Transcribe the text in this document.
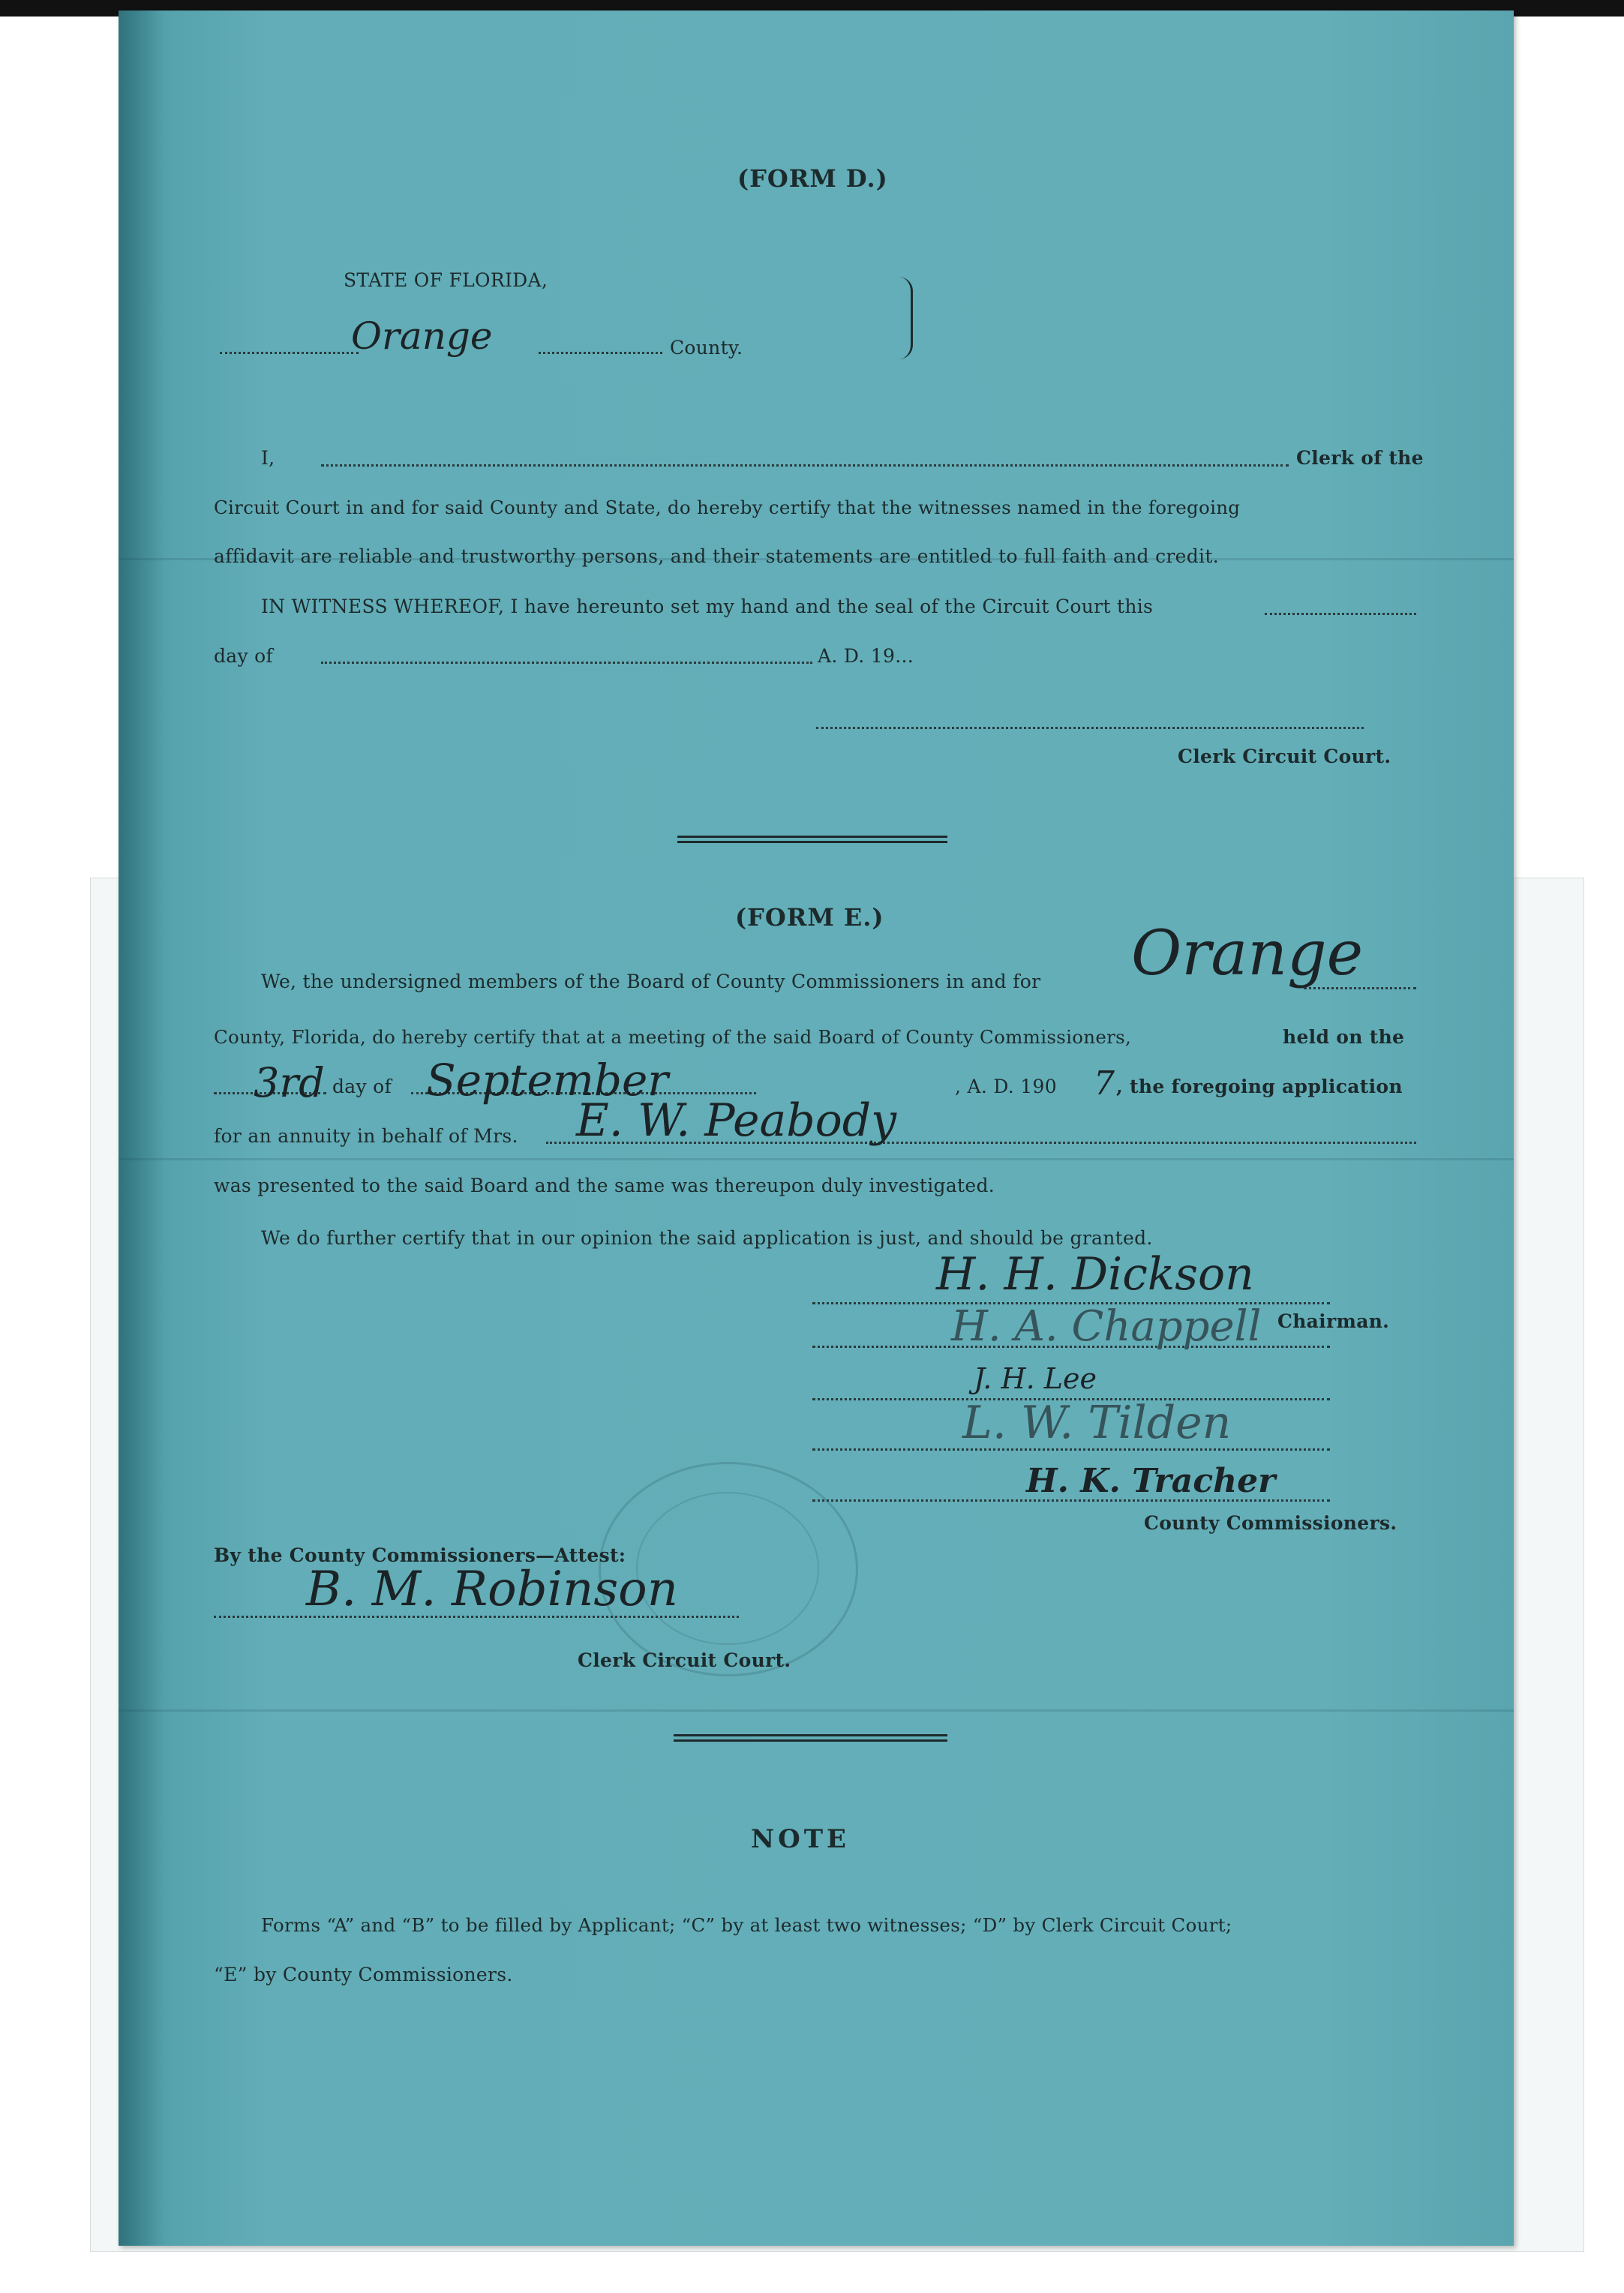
(FORM D.)
STATE OF FLORIDA,
Orange	County.
I,	Clerk of the
Circuit Court in and for said County and State, do hereby certify that the witnesses named in the foregoing
affidavit are reliable and trustworthy persons, and their statements are entitled to full faith and credit.
IN WITNESS WHEREOF, I have hereunto set my hand and the seal of the Circuit Court this
day of	A. D. 19...
Clerk Circuit Court.
(FORM E.)
We, the undersigned members of the Board of County Commissioners in and for Orange
County, Florida, do hereby certify that at a meeting of the said Board of County Commissioners,	held on the
3rd day of September	, A. D. 190 7 , the foregoing application
for an annuity in behalf of Mrs. E. W. Peabody
was presented to the said Board and the same was thereupon duly investigated.
We do further certify that in our opinion the said application is just, and should be granted.
H. H. Dickson
Chairman.
H. A. Chappell
J. H. Lee
L. W. Tilden
H. K. Tracher
County Commissioners.
By the County Commissioners—Attest:
B. M. Robinson
Clerk Circuit Court.
NOTE
Forms “A” and “B” to be filled by Applicant; “C” by at least two witnesses; “D” by Clerk Circuit Court;
“E” by County Commissioners.
